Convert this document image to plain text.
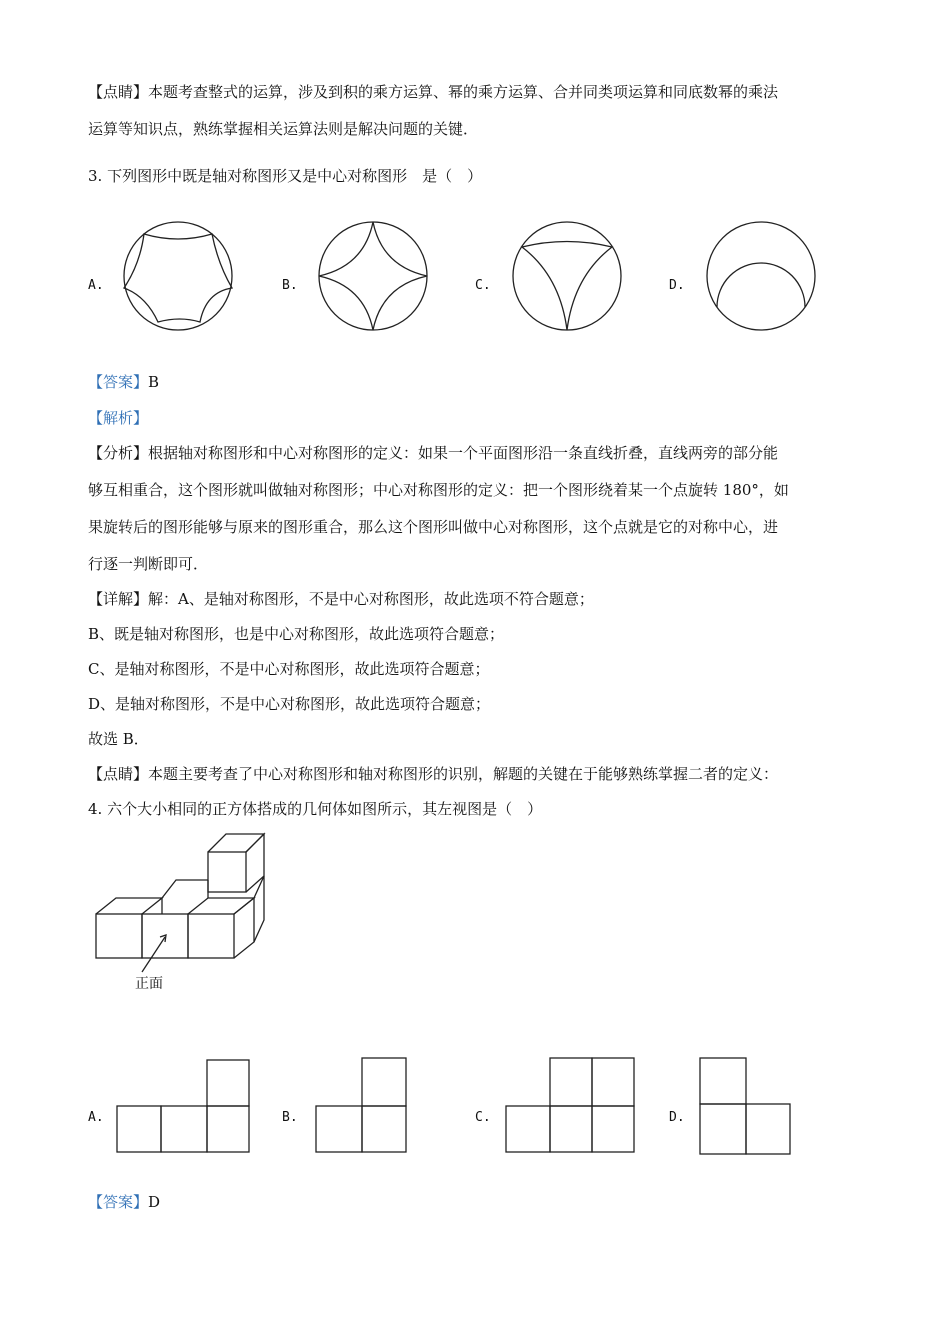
【点睛】本题考查整式的运算，涉及到积的乘方运算、幂的乘方运算、合并同类项运算和同底数幂的乘法
运算等知识点，熟练掌握相关运算法则是解决问题的关键．
3. 下列图形中既是轴对称图形又是中心对称图形　是（　）
A.	B.	C.	D.
【答案】B
【解析】
【分析】根据轴对称图形和中心对称图形的定义：如果一个平面图形沿一条直线折叠，直线两旁的部分能
够互相重合，这个图形就叫做轴对称图形；中心对称图形的定义：把一个图形绕着某一个点旋转 180°，如
果旋转后的图形能够与原来的图形重合，那么这个图形叫做中心对称图形，这个点就是它的对称中心，进
行逐一判断即可．
【详解】解：A、是轴对称图形，不是中心对称图形，故此选项不符合题意；
B、既是轴对称图形，也是中心对称图形，故此选项符合题意；
C、是轴对称图形，不是中心对称图形，故此选项符合题意；
D、是轴对称图形，不是中心对称图形，故此选项符合题意；
故选 B．
【点睛】本题主要考查了中心对称图形和轴对称图形的识别，解题的关键在于能够熟练掌握二者的定义：
4. 六个大小相同的正方体搭成的几何体如图所示，其左视图是（　）
正面
A.	B.	C.	D.
【答案】D
